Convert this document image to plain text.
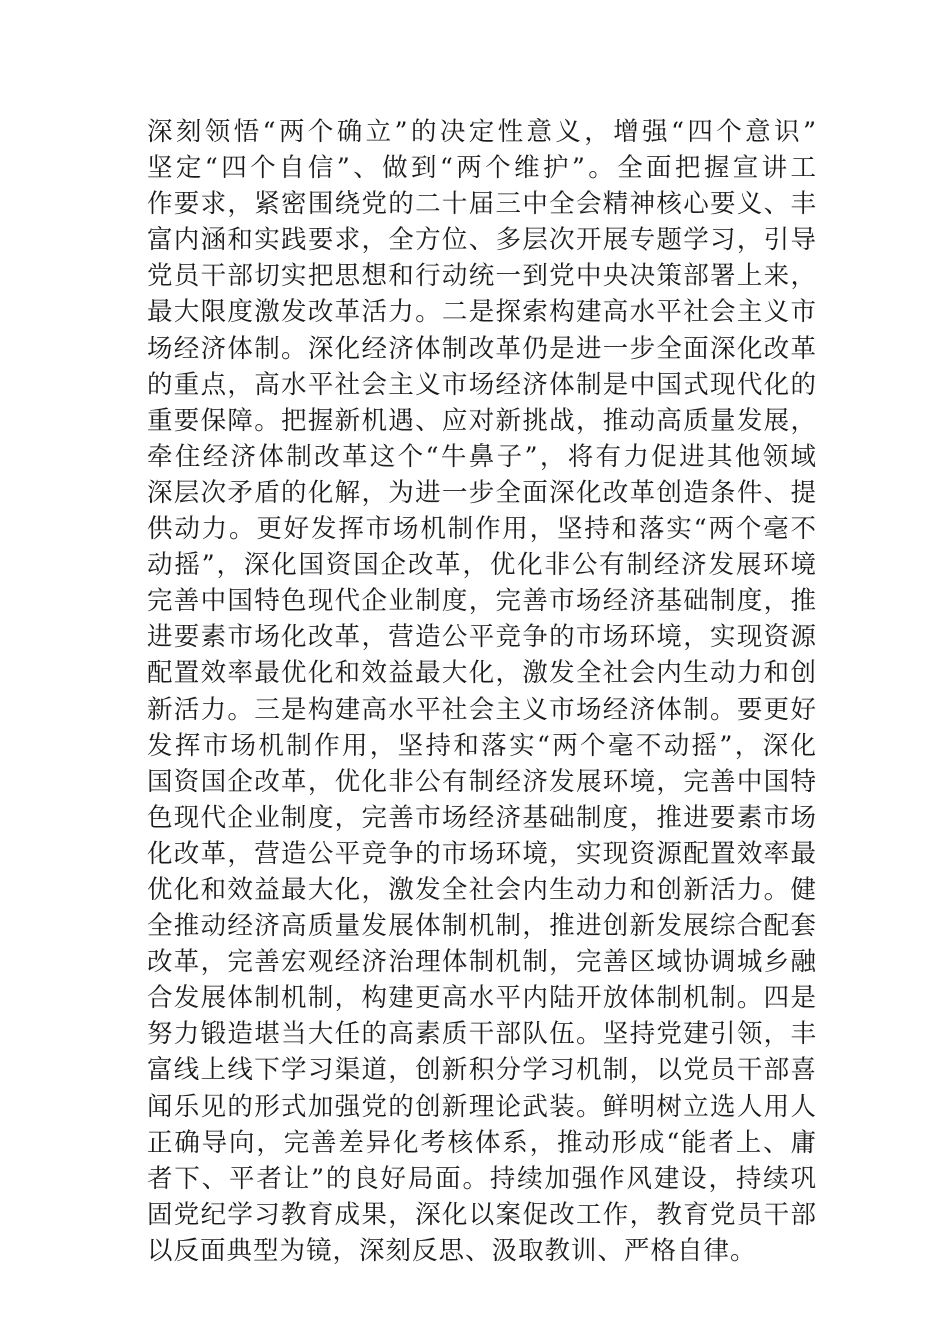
深刻领悟“两个确立”的决定性意义，增强“四个意识”
坚定“四个自信”、做到“两个维护”。全面把握宣讲工
作要求，紧密围绕党的二十届三中全会精神核心要义、丰
富内涵和实践要求，全方位、多层次开展专题学习，引导
党员干部切实把思想和行动统一到党中央决策部署上来，
最大限度激发改革活力。二是探索构建高水平社会主义市
场经济体制。深化经济体制改革仍是进一步全面深化改革
的重点，高水平社会主义市场经济体制是中国式现代化的
重要保障。把握新机遇、应对新挑战，推动高质量发展，
牵住经济体制改革这个“牛鼻子”，将有力促进其他领域
深层次矛盾的化解，为进一步全面深化改革创造条件、提
供动力。更好发挥市场机制作用，坚持和落实“两个毫不
动摇”，深化国资国企改革，优化非公有制经济发展环境
完善中国特色现代企业制度，完善市场经济基础制度，推
进要素市场化改革，营造公平竞争的市场环境，实现资源
配置效率最优化和效益最大化，激发全社会内生动力和创
新活力。三是构建高水平社会主义市场经济体制。要更好
发挥市场机制作用，坚持和落实“两个毫不动摇”，深化
国资国企改革，优化非公有制经济发展环境，完善中国特
色现代企业制度，完善市场经济基础制度，推进要素市场
化改革，营造公平竞争的市场环境，实现资源配置效率最
优化和效益最大化，激发全社会内生动力和创新活力。健
全推动经济高质量发展体制机制，推进创新发展综合配套
改革，完善宏观经济治理体制机制，完善区域协调城乡融
合发展体制机制，构建更高水平内陆开放体制机制。四是
努力锻造堪当大任的高素质干部队伍。坚持党建引领，丰
富线上线下学习渠道，创新积分学习机制，以党员干部喜
闻乐见的形式加强党的创新理论武装。鲜明树立选人用人
正确导向，完善差异化考核体系，推动形成“能者上、庸
者下、平者让”的良好局面。持续加强作风建设，持续巩
固党纪学习教育成果，深化以案促改工作，教育党员干部
以反面典型为镜，深刻反思、汲取教训、严格自律。
